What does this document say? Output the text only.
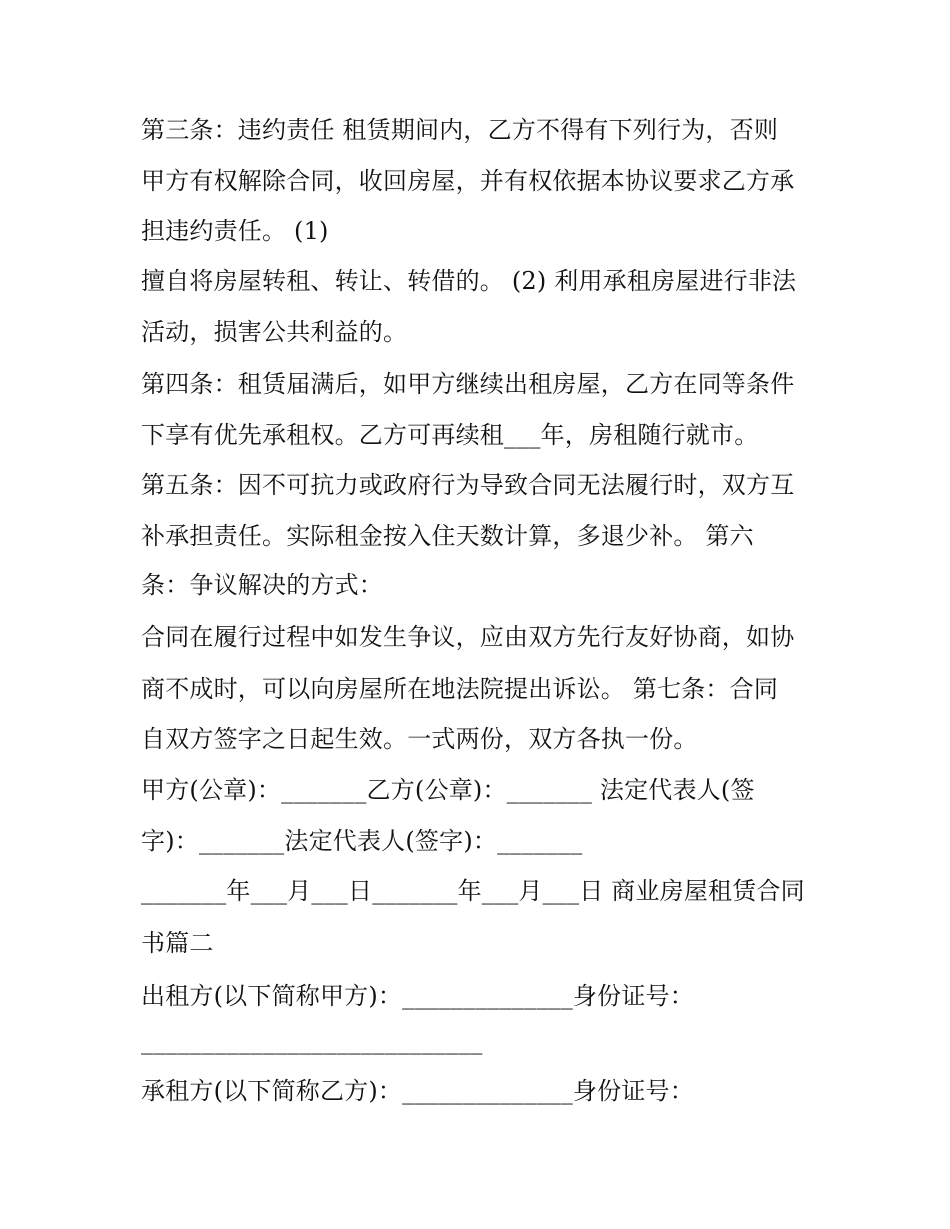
第三条：违约责任 租赁期间内，乙方不得有下列行为，否则
甲方有权解除合同，收回房屋，并有权依据本协议要求乙方承
担违约责任。 (1)
擅自将房屋转租、转让、转借的。 (2) 利用承租房屋进行非法
活动，损害公共利益的。
第四条：租赁届满后，如甲方继续出租房屋，乙方在同等条件
下享有优先承租权。乙方可再续租___年，房租随行就市。
第五条：因不可抗力或政府行为导致合同无法履行时，双方互
补承担责任。实际租金按入住天数计算，多退少补。 第六
条：争议解决的方式：
合同在履行过程中如发生争议，应由双方先行友好协商，如协
商不成时，可以向房屋所在地法院提出诉讼。 第七条：合同
自双方签字之日起生效。一式两份，双方各执一份。
甲方(公章)：_______乙方(公章)：_______ 法定代表人(签
字)：_______法定代表人(签字)：_______
_______年___月___日_______年___月___日 商业房屋租赁合同
书篇二
出租方(以下简称甲方)：______________身份证号：
____________________________
承租方(以下简称乙方)：______________身份证号：
